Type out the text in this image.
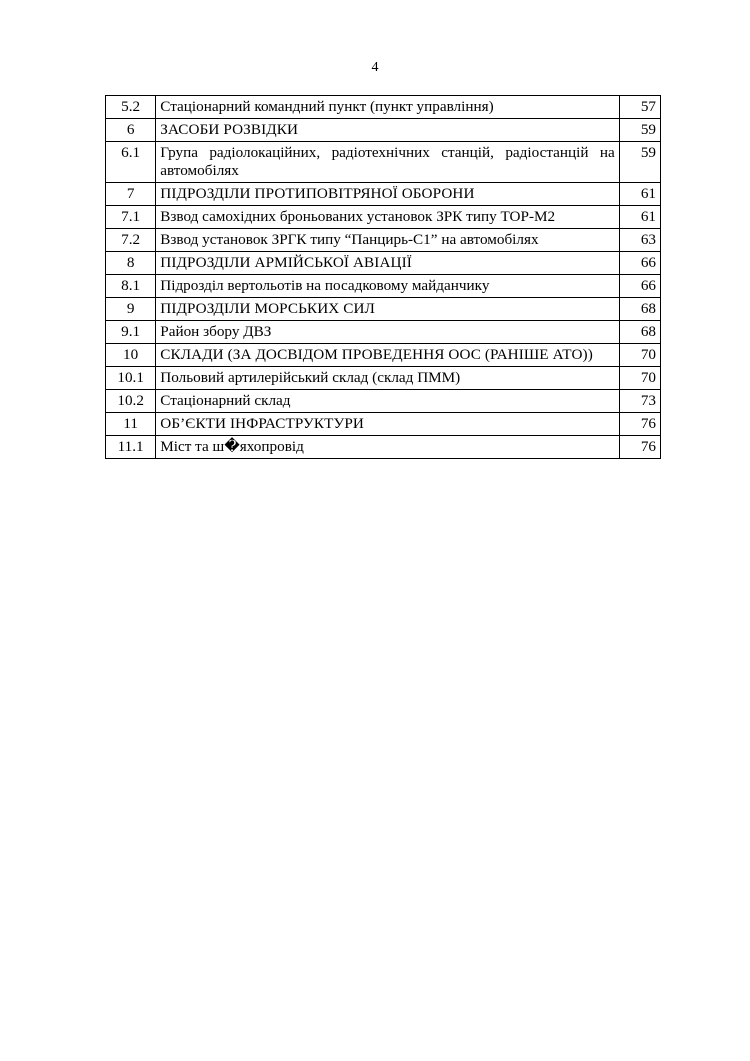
4
5.2	Стаціонарний командний пункт (пункт управління)	57
6	ЗАСОБИ РОЗВІДКИ	59
6.1	Група радіолокаційних, радіотехнічних станцій, радіостанцій на автомобілях	59
7	ПІДРОЗДІЛИ ПРОТИПОВІТРЯНОЇ ОБОРОНИ	61
7.1	Взвод самохідних броньованих установок ЗРК типу ТОР-М2	61
7.2	Взвод установок ЗРГК типу “Панцирь-С1” на автомобілях	63
8	ПІДРОЗДІЛИ АРМІЙСЬКОЇ АВІАЦІЇ	66
8.1	Підрозділ вертольотів на посадковому майданчику	66
9	ПІДРОЗДІЛИ МОРСЬКИХ СИЛ	68
9.1	Район збору ДВЗ	68
10	СКЛАДИ (ЗА ДОСВІДОМ ПРОВЕДЕННЯ ООС (РАНІШЕ АТО))	70
10.1	Польовий артилерійський склад (склад ПММ)	70
10.2	Стаціонарний склад	73
11	ОБ’ЄКТИ ІНФРАСТРУКТУРИ	76
11.1	Міст та ш�яхопровід	76
